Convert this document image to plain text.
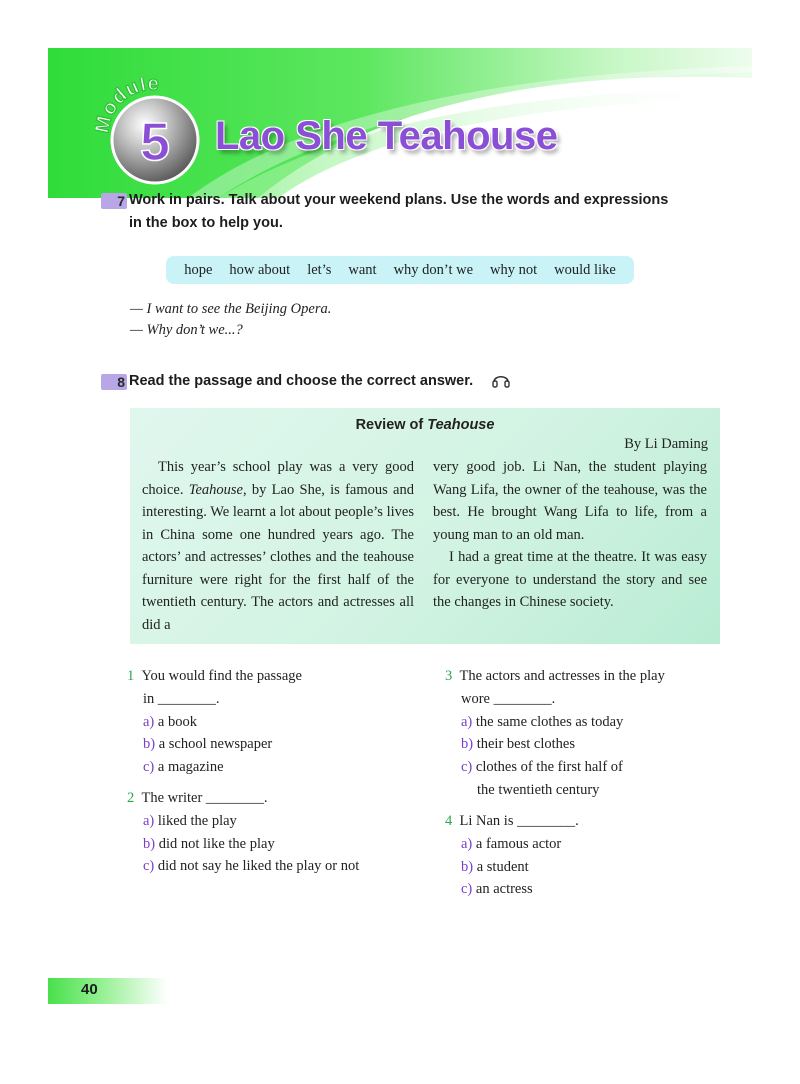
odule
5 Lao She Teahouse
7 Work in pairs. Talk about your weekend plans. Use the words and expressions
in the box to help you.
hope how about let’s want why don’t we why not would like
— I want to see the Beijing Opera.
— Why don’t we...?
8 Read the passage and choose the correct answer.
Review of Teahouse
By Li Daming

This year’s school play was a very good choice. Teahouse, by Lao She, is famous and interesting. We learnt a lot about people’s lives in China some one hundred years ago. The actors’ and actresses’ clothes and the teahouse furniture were right for the first half of the twentieth century. The actors and actresses all did a

very good job. Li Nan, the student playing Wang Lifa, the owner of the teahouse, was the best. He brought Wang Lifa to life, from a young man to an old man.

I had a great time at the theatre. It was easy for everyone to understand the story and see the changes in Chinese society.

1 You would find the passage
in ________.
a) a book
b) a school newspaper
c) a magazine
2 The writer ________.
a) liked the play
b) did not like the play
c) did not say he liked the play or not
3 The actors and actresses in the play
wore ________.
a) the same clothes as today
b) their best clothes
c) clothes of the first half of
the twentieth century
4 Li Nan is ________.
a) a famous actor
b) a student
c) an actress
40
